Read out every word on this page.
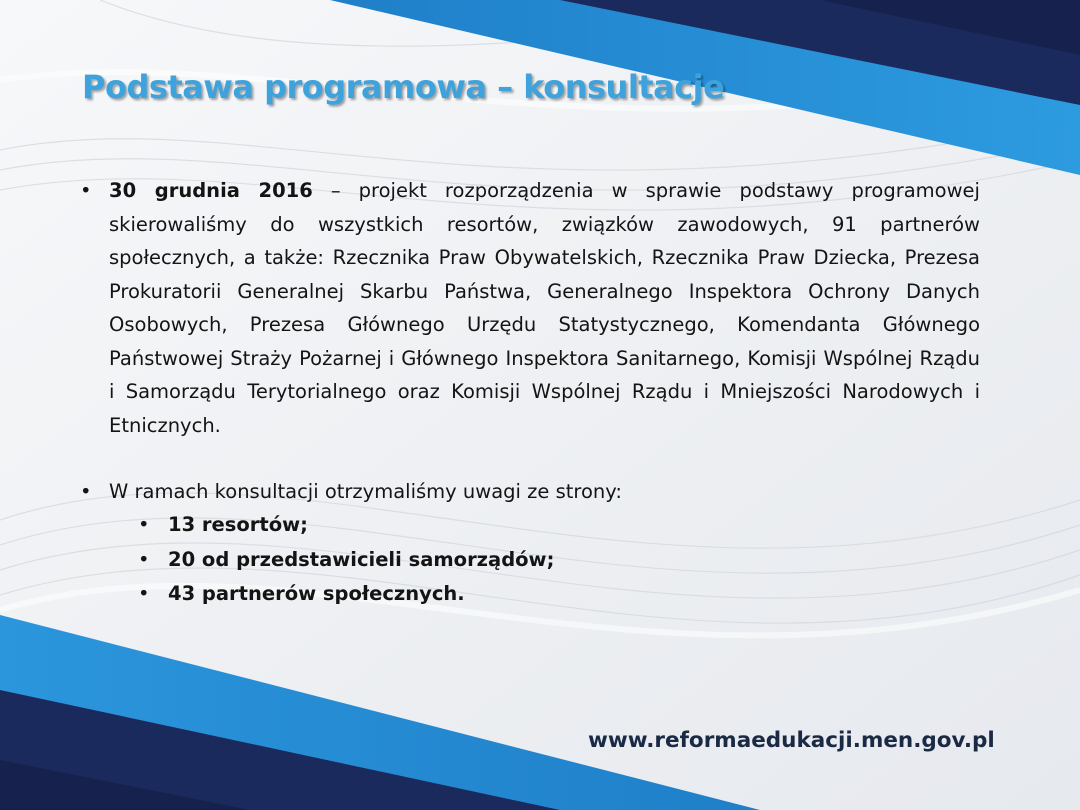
Podstawa programowa – konsultacje
• 30 grudnia 2016 – projekt rozporządzenia w sprawie podstawy programowej skierowaliśmy do wszystkich resortów, związków zawodowych, 91 partnerów społecznych, a także: Rzecznika Praw Obywatelskich, Rzecznika Praw Dziecka, Prezesa Prokuratorii Generalnej Skarbu Państwa, Generalnego Inspektora Ochrony Danych Osobowych, Prezesa Głównego Urzędu Statystycznego, Komendanta Głównego Państwowej Straży Pożarnej i Głównego Inspektora Sanitarnego, Komisji Wspólnej Rządu i Samorządu Terytorialnego oraz Komisji Wspólnej Rządu i Mniejszości Narodowych i Etnicznych.
• W ramach konsultacji otrzymaliśmy uwagi ze strony:
• 13 resortów;
• 20 od przedstawicieli samorządów;
• 43 partnerów społecznych.

www.reformaedukacji.men.gov.pl
